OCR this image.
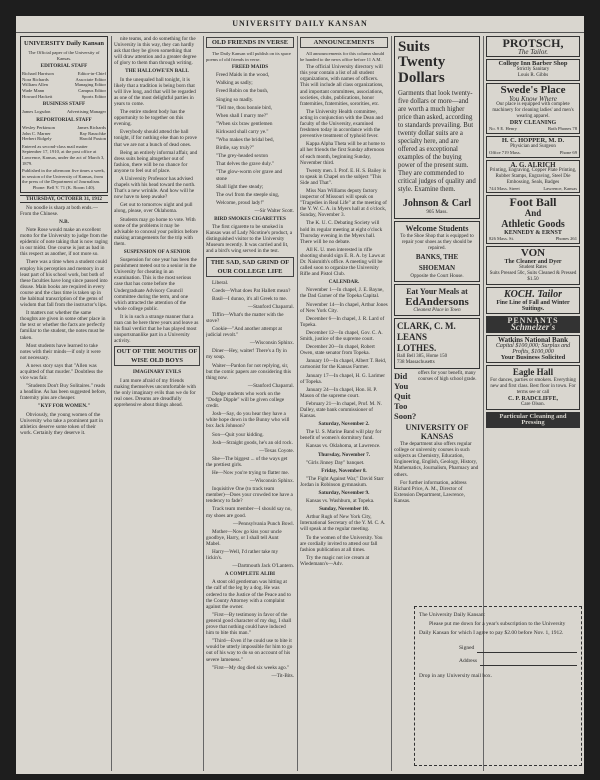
UNIVERSITY DAILY KANSAN
UNIVERSITY Daily Kansan
The Official paper of the University of Kansas.
EDITORIAL STAFF
Richard Harrison	Editor-in-Chief
Nora Richards	Associate Editor
William Allen	Managing Editor
Wade Mann	Campus Editor
Howard Hackett	Sports Editor
BUSINESS STAFF
James Logsdon	Advertising Manager
REPORTORIAL STAFF
Wesley Perkinson	James Richards
John C. Marner	Ray Rauschke
Herbert Ridgely	Harold Paxton
Entered as second-class mail matter September 17, 1910, at the post office at Lawrence, Kansas, under the act of March 3, 1879.
Published in the afternoon five times a week, in session of the University of Kansas, from the press of the Department of Journalism.
Phone: Bell V. 71 (K. Room 140).
THURSDAY, OCTOBER 31, 1912

No noodle is sharp at both ends.—From the Chinese.

N.B.

Note Rose would make an excellent motto for the University to judge from the epidemic of note taking that is now raging in our midst. One course is just as bad in this respect as another, if not more so.

There was a time when a student could employ his perception and memory in at least part of his school work, but both of these faculties have long since passed into disuse. Main books are required in every course and the class time is taken up in the habitual transcription of the gems of wisdom that fall from the instructor's lips.

It matters not whether the same thoughts are given in some other place in the text or whether the facts are perfectly familiar to the student, the notes must be taken.

Most students have learned to take notes with their minds—if only it were not necessary.

A news story says that "Allen was acquitted of that murder." Doubtless the vice was fair.

"Students Don't Buy Solitaires." reads a headline. As has been suggested before, fraternity pins are cheaper.

"KYF FOR WOMEN."

Obviously, the young women of the University who take a prominent part in athletics deserve some token of their work. Certainly they deserve it.

nite teams, and do something for the University in this way, they can hardly ask that they be given something that will draw attention and a greater degree of glory to them than through writing.

THE HALLOWE'EN BALL

In the unequaled ball tonight, it is likely that a tradition is being born that will live long, and that will be regarded as one of the most delightful parties in years to come.

The entire student body has the opportunity to be together on this evening.

Everybody should attend the ball tonight, if for nothing else than to prove that we are not a bunch of dead ones.

Being an entirely informal affair, and dress suits being altogether out of fashion, there will be no chance for anyone to feel out of place.

A University Professor has advised chapels with his head toward the north. That's a new wrinkle. And how will he now have to keep awake?

Get out to tomorrow night and pull along, please, over Oklahoma.

Students may go home to vote. With some of the problems it may be advisable to conceal your politics before making arrangements for the trip with them.

SUSPENSION OF A SENIOR

Suspension for one year has been the punishment meted out to a senior in the University for cheating in an examination. This is the most serious case that has come before the Undergraduate Advisory Council committee during the term, and one which attracted the attention of the whole college public.

It is in such a strange manner that a man can be here three years and leave as his final verdict that he has played most unsportsmanlike part in a University activity.

OUT OF THE MOUTHS OF WISE OLD BOYS
IMAGINARY EVILS

I am more afraid of my friends making themselves uncomfortable with the only imaginary evils than we do for real ones. Dreams are dreadfully apprehensive about things ahead.

OLD FRIENDS IN VERSE

The Daily Kansan will publish on its space poems of old friends in verse.

FREED MAIDS

Freed Maids in the wood,

Walking as sadly;

Freed Robin on the bush,

Singing so madly.

"Tell me, thou bonnie bird,

When shall I marry me?"

"When six braw gentlemen

Kirkward shall carry ye."

"Who makes the bridal bed,

Birdie, say truly?"

"The grey-headed sexton

That delves the grave duly."

"The glow-worm o'er grave and stone

Shall light thee steady;

The owl from the steeple sing,

Welcome, proud lady!"

—Sir Walter Scott.

BIRD SMOKES CIGARETTES

The first cigarette to be smoked in Kansas was of Lady Nicotine's product, a distinguished visitor to the University Museum recently. It was carried and lit, and a bird's wing served in the test.

THE SAD, SAD GRIND OF OUR COLLEGE LIFE

Liberal.

Coeds—What does Pat Hallett mean?

Basil—I dunno, it's all Greek to me.

—Stanford Chaparral.

Tiffin—What's the matter with the stove?

Cookie—"And another attempt at judicial revolt."

—Wisconsin Sphinx.

Diner—Hey, waiter! There's a fly in my soup.

Waiter—Pardon for not replying, sir, but the comic papers are considering this thing now.

—Stanford Chaparral.

Dodge students who work on the "Dodge Dipple" will be given college credit.

Josh—Say, do you hear they have a white hope down in the Bunny who will box Jack Johnson?

Son—Quit your kidding.

Josh—Straight goods, he's an old rock.

—Texas Coyote.

She—The biggest ... of the ways get the prettiest girls.

He—Now you're trying to flatter me.

—Wisconsin Sphinx.

Inquisitive One (to track team member)—Does your crowded toe have a tendency to fade?

Track team member—I should say no, my shoes are good.

—Pennsylvania Punch Bowl.

Mother—Now go kiss your uncle goodbye, Harry, or I shall tell Aunt Mabel.

Harry—Well, I'd rather take my lickin's.

—Dartmouth Jack O'Lantern.

A COMPLETE ALIBI

A stout old gentleman was hitting at the calf of the leg by a dog. He was ordered to the Justice of the Peace and to the County Attorney with a complaint against the owner.

"First—By testimony in favor of the general good character of my dog, I shall prove that nothing could have induced him to bite this man."

"Third—Even if he could use to bite it would be utterly impossible for him to go out of his way to do so on account of his severe lameness."

"First—My dog died six weeks ago."

—Tit-Bits.

ANNOUNCEMENTS

All announcements for this column should be handed to the news office before 11 A.M.

The official University directory will this year contain a list of all student organizations, with names of officers. This will include all class organizations, and important committees, associations, societies, clubs, publications, honor fraternities, fraternities, sororities, etc.

The University Health committee, acting in conjunction with the Dean and faculty of the University, examined freshmen today in accordance with the preventive treatment of typhoid fever.

Kappa Alpha Theta will be at home to all her friends the first Sunday afternoon of each month, beginning Sunday, November third.

Twenty men. I. Prof. E. H. S. Bailey is to speak in Chapel on the subject "This Side and That".

Miss Nan Williams deputy factory inspector of Missouri will speak on "Tragedies in Real Life" at the meeting of the Y. W. C. A. in Myers hall at 4 o'clock, Sunday, November 3.

The K. U. C. Debating Society will hold its regular meeting at eight o'clock Thursday evening in the Myers hall. There will be no debate.

All K. U. men interested in rifle shooting should sign E. R. A. by Laws at Dr. Naismith's office. A meeting will be called soon to organize the University Rifle and Pistol Club.

CALENDAR.

November 1—In chapel, J. E. Bayne, the Dad Garner of the Topeka Capital.

November 14—In chapel, Arthur Jones of New York City.

December 6—In chapel, J. R. Lard of Topeka.

December 12—In chapel, Gov. C. A. Smith, justice of the supreme court.

December 20—In chapel, Robert Owen, state senator from Topeka.

January 10—In chapel, Albert T. Reid, cartoonist for the Kansas Farmer.

January 17—In chapel, H. G. Larimer of Topeka.

January 24—In chapel, Hon. H. P. Mason of the supreme court.

February 21—In chapel, Prof. M. N. Dalley, state bank commissioner of Kansas.

Saturday, November 2.

The U. S. Marine Band will play for benefit of women's dormitory fund.

Kansas vs. Oklahoma, at Lawrence.

Thursday, November 7.

"Girls Jinney Day" banquet.

Friday, November 8.

"The Fight Against War," David Starr Jordan in Robinson gymnasium.

Saturday, November 9.

Kansas vs. Washburn, at Topeka.

Sunday, November 10.

Arthur Rugh of New York City, International Secretary of the Y. M. C. A. will speak at the regular meeting.

To the women of the University. You are cordially invited to attend our fall fashion publication at all times.

Try the magic not ice cream at Wiedemann's—Adv.

Suits
Twenty
Dollars
Garments that look twenty-five dollars or more—and are worth a much higher price than asked, according to standards prevailing. But twenty dollar suits are a specialty here, and are offered as exceptional examples of the buying power of the present sum. They are commended to critical judges of quality and style. Examine them.
Johnson & Carl
905 Mass.
Welcome Students
To the Shoe Shop that is equipped to repair your shoes as they should be repaired.
BANKS, THE SHOEMAN
Opposite the Court House.
Eat Your Meals at
EdAndersons
Cleanest Place in Town
CLARK, C. M.
LEANS
LOTHES.
Ball Bell 385, Home 150
738 Massachusetts
Did
You
Quit
Too
Soon?
offers for your benefit, many courses of high school grade.
UNIVERSITY OF KANSAS

The department also offers regular college or university courses in such subjects as Chemistry, Education, Engineering, English, Geology, History, Mathematics, Journalism, Pharmacy and others.

For further information, address Richard Price, A. M., Director of Extension Department, Lawrence, Kansas.

PROTSCH,
The Tailor.
College Inn Barber Shop
Strictly Sanitary
Louis R. Gibbs
Swede's Place
You Know Where
Our place is equipped with complete machinery for cleaning ladies' and men's wearing apparel.
DRY CLEANING
No. 9 E. Henry	Both Phones 78
H. C. HOPPER, M. D.
Physician and Surgeon
Office 719 Mass.	Phone 69
A. G. ALRICH
Printing, Engraving, Copper Plate Printing, Rubber Stamps, Engraving, Steel Die Embossing, Seals, Badges
744 Mass. Street	Lawrence, Kansas
Foot Ball
And
Athletic Goods
KENNEDY & ERNST
826 Mass. St.	Phones 261
VON
The Cleaner and Dyer
Student Rates
Suits Pressed 50c, Suits Cleaned & Pressed $1.50
KOCH. Tailor
Fine Line of Fall and Winter Suitings.
PENNANTS
Schmelzer's
Watkins National Bank
Capital $100,000; Surplus and Profits, $100,000
Your Business Solicited
Eagle Hall
For dances, parties or smokers. Everything new and first class. Best floor in town. For terms see or call
C. P. RADCLIFFE,
Care Olson.
Particular Cleaning and Pressing
The University Daily Kansan:
Please put me down for a year's subscription to the University Daily Kansan for which I agree to pay $2.00 before Nov. 1, 1912.
Signed
Address
Drop in any University mail box.
